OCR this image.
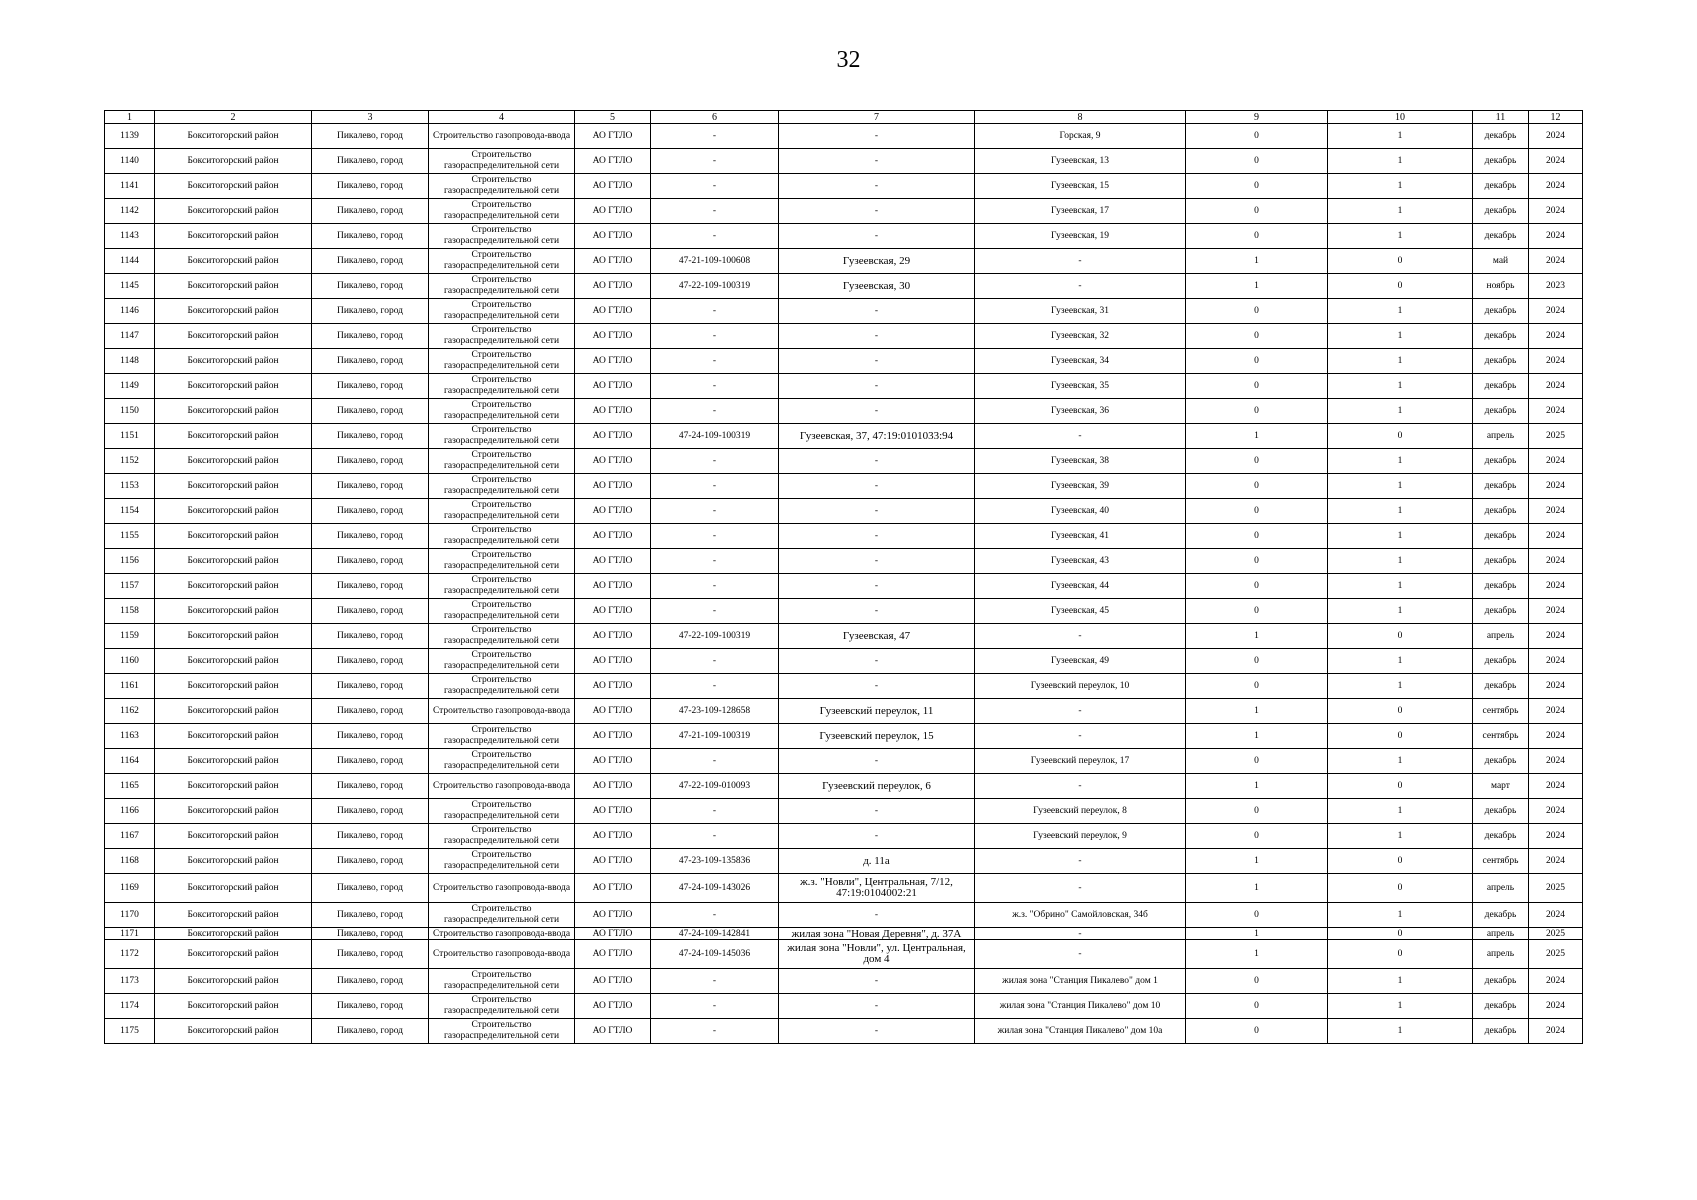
32
1	2	3	4	5	6	7	8	9	10	11	12
1139	Бокситогорский район	Пикалево, город	Строительство газопровода-ввода	АО ГТЛО	-	-	Горская, 9	0	1	декабрь	2024
1140	Бокситогорский район	Пикалево, город	Строительство газораспределительной сети	АО ГТЛО	-	-	Гузеевская, 13	0	1	декабрь	2024
1141	Бокситогорский район	Пикалево, город	Строительство газораспределительной сети	АО ГТЛО	-	-	Гузеевская, 15	0	1	декабрь	2024
1142	Бокситогорский район	Пикалево, город	Строительство газораспределительной сети	АО ГТЛО	-	-	Гузеевская, 17	0	1	декабрь	2024
1143	Бокситогорский район	Пикалево, город	Строительство газораспределительной сети	АО ГТЛО	-	-	Гузеевская, 19	0	1	декабрь	2024
1144	Бокситогорский район	Пикалево, город	Строительство газораспределительной сети	АО ГТЛО	47-21-109-100608	Гузеевская, 29	-	1	0	май	2024
1145	Бокситогорский район	Пикалево, город	Строительство газораспределительной сети	АО ГТЛО	47-22-109-100319	Гузеевская, 30	-	1	0	ноябрь	2023
1146	Бокситогорский район	Пикалево, город	Строительство газораспределительной сети	АО ГТЛО	-	-	Гузеевская, 31	0	1	декабрь	2024
1147	Бокситогорский район	Пикалево, город	Строительство газораспределительной сети	АО ГТЛО	-	-	Гузеевская, 32	0	1	декабрь	2024
1148	Бокситогорский район	Пикалево, город	Строительство газораспределительной сети	АО ГТЛО	-	-	Гузеевская, 34	0	1	декабрь	2024
1149	Бокситогорский район	Пикалево, город	Строительство газораспределительной сети	АО ГТЛО	-	-	Гузеевская, 35	0	1	декабрь	2024
1150	Бокситогорский район	Пикалево, город	Строительство газораспределительной сети	АО ГТЛО	-	-	Гузеевская, 36	0	1	декабрь	2024
1151	Бокситогорский район	Пикалево, город	Строительство газораспределительной сети	АО ГТЛО	47-24-109-100319	Гузеевская, 37, 47:19:0101033:94	-	1	0	апрель	2025
1152	Бокситогорский район	Пикалево, город	Строительство газораспределительной сети	АО ГТЛО	-	-	Гузеевская, 38	0	1	декабрь	2024
1153	Бокситогорский район	Пикалево, город	Строительство газораспределительной сети	АО ГТЛО	-	-	Гузеевская, 39	0	1	декабрь	2024
1154	Бокситогорский район	Пикалево, город	Строительство газораспределительной сети	АО ГТЛО	-	-	Гузеевская, 40	0	1	декабрь	2024
1155	Бокситогорский район	Пикалево, город	Строительство газораспределительной сети	АО ГТЛО	-	-	Гузеевская, 41	0	1	декабрь	2024
1156	Бокситогорский район	Пикалево, город	Строительство газораспределительной сети	АО ГТЛО	-	-	Гузеевская, 43	0	1	декабрь	2024
1157	Бокситогорский район	Пикалево, город	Строительство газораспределительной сети	АО ГТЛО	-	-	Гузеевская, 44	0	1	декабрь	2024
1158	Бокситогорский район	Пикалево, город	Строительство газораспределительной сети	АО ГТЛО	-	-	Гузеевская, 45	0	1	декабрь	2024
1159	Бокситогорский район	Пикалево, город	Строительство газораспределительной сети	АО ГТЛО	47-22-109-100319	Гузеевская, 47	-	1	0	апрель	2024
1160	Бокситогорский район	Пикалево, город	Строительство газораспределительной сети	АО ГТЛО	-	-	Гузеевская, 49	0	1	декабрь	2024
1161	Бокситогорский район	Пикалево, город	Строительство газораспределительной сети	АО ГТЛО	-	-	Гузеевский переулок, 10	0	1	декабрь	2024
1162	Бокситогорский район	Пикалево, город	Строительство газопровода-ввода	АО ГТЛО	47-23-109-128658	Гузеевский переулок, 11	-	1	0	сентябрь	2024
1163	Бокситогорский район	Пикалево, город	Строительство газораспределительной сети	АО ГТЛО	47-21-109-100319	Гузеевский переулок, 15	-	1	0	сентябрь	2024
1164	Бокситогорский район	Пикалево, город	Строительство газораспределительной сети	АО ГТЛО	-	-	Гузеевский переулок, 17	0	1	декабрь	2024
1165	Бокситогорский район	Пикалево, город	Строительство газопровода-ввода	АО ГТЛО	47-22-109-010093	Гузеевский переулок, 6	-	1	0	март	2024
1166	Бокситогорский район	Пикалево, город	Строительство газораспределительной сети	АО ГТЛО	-	-	Гузеевский переулок, 8	0	1	декабрь	2024
1167	Бокситогорский район	Пикалево, город	Строительство газораспределительной сети	АО ГТЛО	-	-	Гузеевский переулок, 9	0	1	декабрь	2024
1168	Бокситогорский район	Пикалево, город	Строительство газораспределительной сети	АО ГТЛО	47-23-109-135836	д. 11а	-	1	0	сентябрь	2024
1169	Бокситогорский район	Пикалево, город	Строительство газопровода-ввода	АО ГТЛО	47-24-109-143026	ж.з. "Новли", Центральная, 7/12, 47:19:0104002:21	-	1	0	апрель	2025
1170	Бокситогорский район	Пикалево, город	Строительство газораспределительной сети	АО ГТЛО	-	-	ж.з. "Обрино" Самойловская, 34б	0	1	декабрь	2024
1171	Бокситогорский район	Пикалево, город	Строительство газопровода-ввода	АО ГТЛО	47-24-109-142841	жилая зона "Новая Деревня", д. 37А	-	1	0	апрель	2025
1172	Бокситогорский район	Пикалево, город	Строительство газопровода-ввода	АО ГТЛО	47-24-109-145036	жилая зона "Новли", ул. Центральная, дом 4	-	1	0	апрель	2025
1173	Бокситогорский район	Пикалево, город	Строительство газораспределительной сети	АО ГТЛО	-	-	жилая зона "Станция Пикалево" дом 1	0	1	декабрь	2024
1174	Бокситогорский район	Пикалево, город	Строительство газораспределительной сети	АО ГТЛО	-	-	жилая зона "Станция Пикалево" дом 10	0	1	декабрь	2024
1175	Бокситогорский район	Пикалево, город	Строительство газораспределительной сети	АО ГТЛО	-	-	жилая зона "Станция Пикалево" дом 10а	0	1	декабрь	2024
